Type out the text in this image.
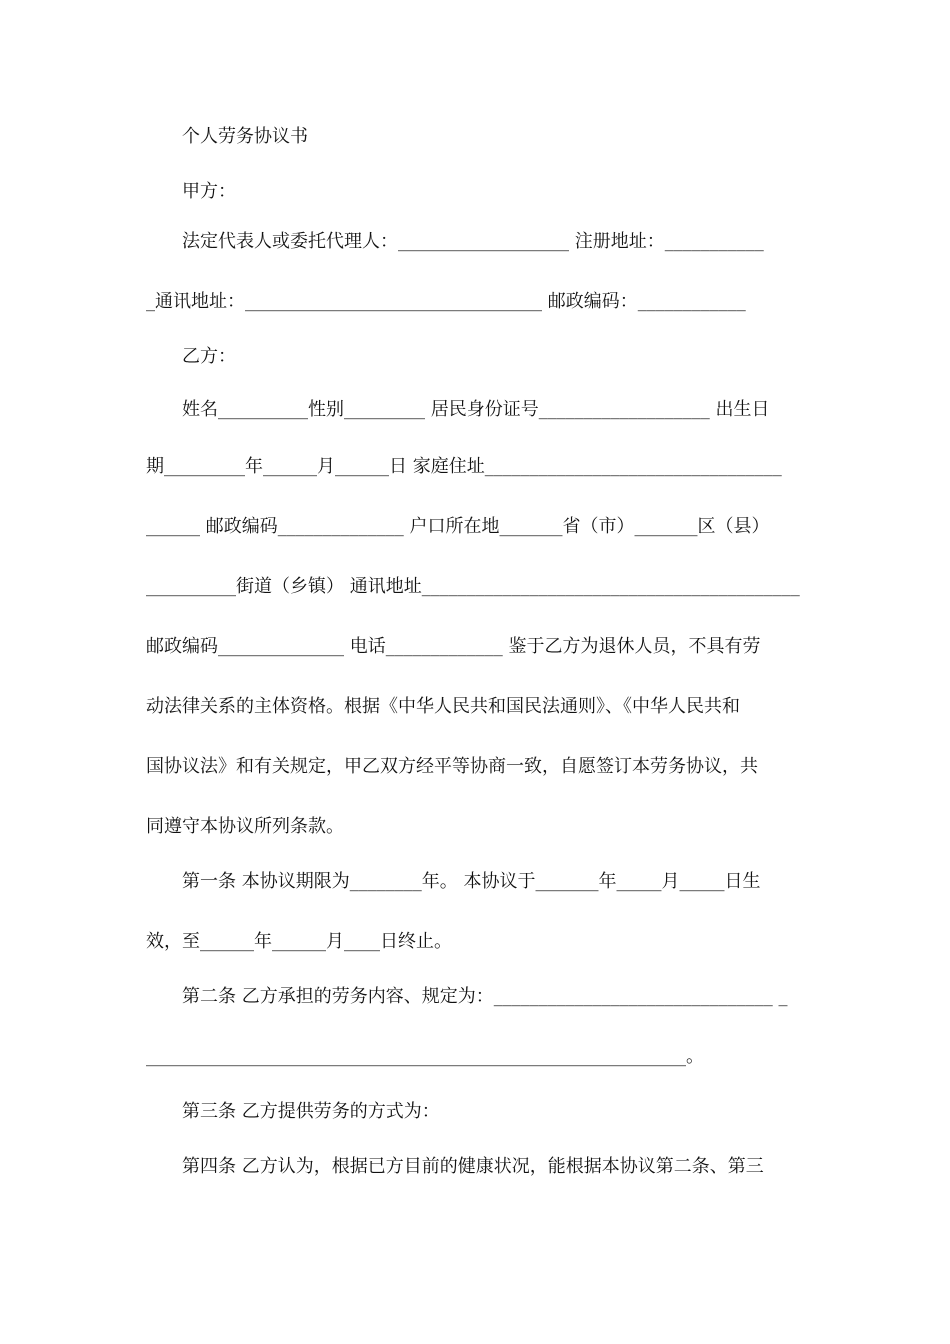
个人劳务协议书
甲方：
法定代表人或委托代理人：___________________ 注册地址：___________
_通讯地址：_________________________________ 邮政编码：____________
乙方：
姓名__________性别_________ 居民身份证号___________________ 出生日
期_________年______月______日 家庭住址_________________________________
______ 邮政编码______________ 户口所在地_______省（市）_______区（县）
__________街道（乡镇） 通讯地址__________________________________________
邮政编码______________ 电话_____________ 鉴于乙方为退休人员，不具有劳
动法律关系的主体资格。根据《中华人民共和国民法通则》、《中华人民共和
国协议法》和有关规定，甲乙双方经平等协商一致，自愿签订本劳务协议，共
同遵守本协议所列条款。
第一条 本协议期限为________年。 本协议于_______年_____月_____日生
效，至______年______月____日终止。
第二条 乙方承担的劳务内容、规定为：_______________________________ _
____________________________________________________________。
第三条 乙方提供劳务的方式为：
第四条 乙方认为，根据已方目前的健康状况，能根据本协议第二条、第三
